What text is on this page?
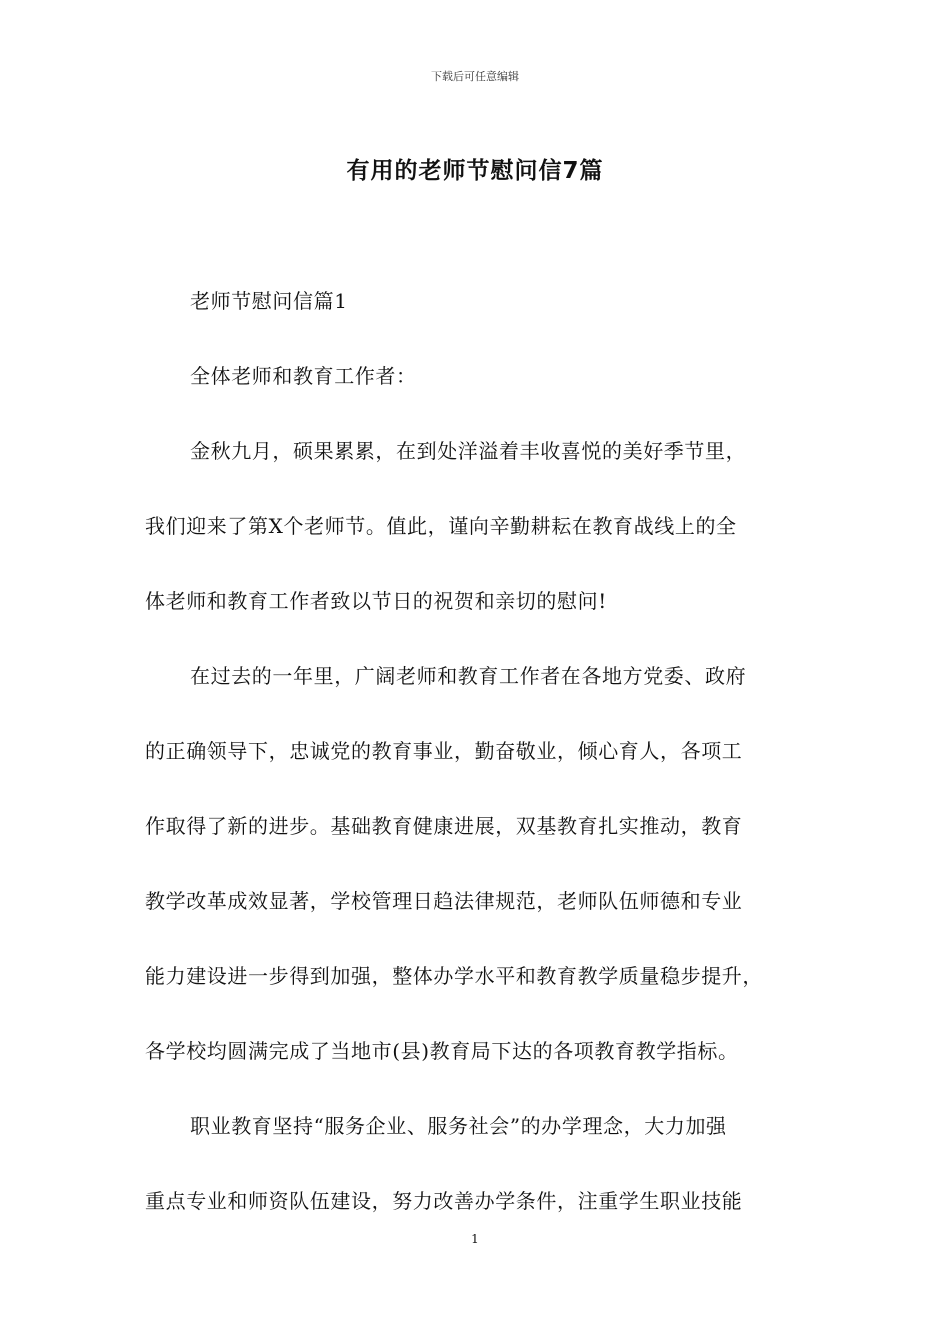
下载后可任意编辑
有用的老师节慰问信7篇
老师节慰问信篇1
全体老师和教育工作者：
金秋九月，硕果累累，在到处洋溢着丰收喜悦的美好季节里，
我们迎来了第X个老师节。值此，谨向辛勤耕耘在教育战线上的全
体老师和教育工作者致以节日的祝贺和亲切的慰问!
在过去的一年里，广阔老师和教育工作者在各地方党委、政府
的正确领导下，忠诚党的教育事业，勤奋敬业，倾心育人，各项工
作取得了新的进步。基础教育健康进展，双基教育扎实推动，教育
教学改革成效显著，学校管理日趋法律规范，老师队伍师德和专业
能力建设进一步得到加强，整体办学水平和教育教学质量稳步提升，
各学校均圆满完成了当地市(县)教育局下达的各项教育教学指标。
职业教育坚持“服务企业、服务社会”的办学理念，大力加强
重点专业和师资队伍建设，努力改善办学条件，注重学生职业技能
1
